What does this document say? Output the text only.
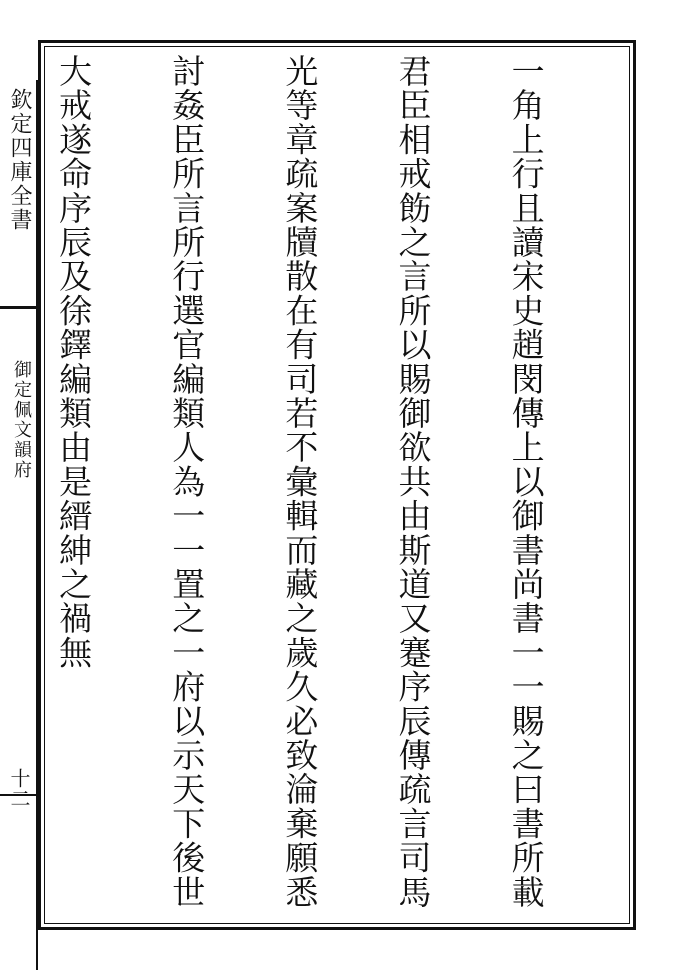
欽定四庫全書
御定佩文韻府
十二

	一角上行且讀宋史趙閔傳上以御書尚書一一賜之曰書所載

君臣相戒飭之言所以賜御欲共由斯道又蹇序辰傳疏言司馬

光等章疏案牘散在有司若不彙輯而藏之歲久必致淪棄願悉

討姦臣所言所行選官編類人為一一置之一府以示天下後世

大戒遂命序辰及徐鐸編類由是縉紳之禍無
